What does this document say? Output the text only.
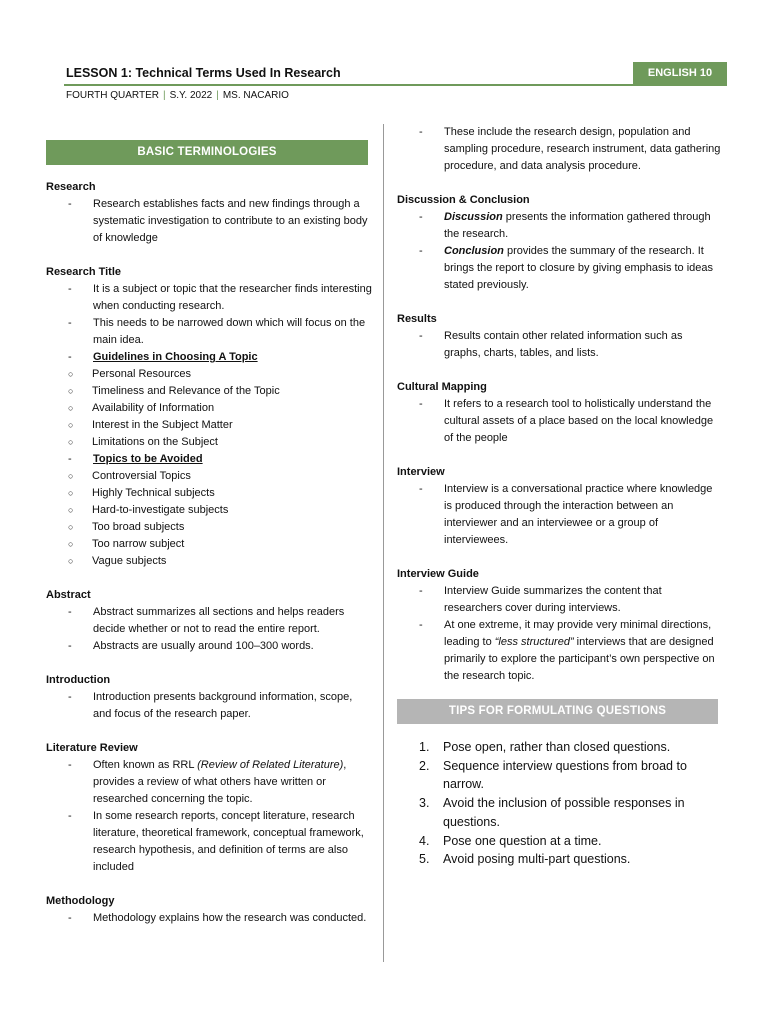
LESSON 1: Technical Terms Used In Research	ENGLISH 10
FOURTH QUARTER | S.Y. 2022 | MS. NACARIO
BASIC TERMINOLOGIES

Research

- Research establishes facts and new findings through a systematic investigation to contribute to an existing body of knowledge

Research Title

- It is a subject or topic that the researcher finds interesting when conducting research.
- This needs to be narrowed down which will focus on the main idea.
- Guidelines in Choosing A Topic
○ Personal Resources
○ Timeliness and Relevance of the Topic
○ Availability of Information
○ Interest in the Subject Matter
○ Limitations on the Subject
- Topics to be Avoided
○ Controversial Topics
○ Highly Technical subjects
○ Hard-to-investigate subjects
○ Too broad subjects
○ Too narrow subject
○ Vague subjects

Abstract

- Abstract summarizes all sections and helps readers decide whether or not to read the entire report.
- Abstracts are usually around 100–300 words.

Introduction

- Introduction presents background information, scope, and focus of the research paper.

Literature Review

- Often known as RRL (Review of Related Literature), provides a review of what others have written or researched concerning the topic.
- In some research reports, concept literature, research literature, theoretical framework, conceptual framework, research hypothesis, and definition of terms are also included

Methodology

- Methodology explains how the research was conducted.
- These include the research design, population and sampling procedure, research instrument, data gathering procedure, and data analysis procedure.

Discussion & Conclusion

- Discussion presents the information gathered through the research.
- Conclusion provides the summary of the research. It brings the report to closure by giving emphasis to ideas stated previously.

Results

- Results contain other related information such as graphs, charts, tables, and lists.

Cultural Mapping

- It refers to a research tool to holistically understand the cultural assets of a place based on the local knowledge of the people

Interview

- Interview is a conversational practice where knowledge is produced through the interaction between an interviewer and an interviewee or a group of interviewees.

Interview Guide

- Interview Guide summarizes the content that researchers cover during interviews.
- At one extreme, it may provide very minimal directions, leading to “less structured” interviews that are designed primarily to explore the participant’s own perspective on the research topic.
TIPS FOR FORMULATING QUESTIONS
1. Pose open, rather than closed questions.
2. Sequence interview questions from broad to narrow.
3. Avoid the inclusion of possible responses in questions.
4. Pose one question at a time.
5. Avoid posing multi-part questions.
